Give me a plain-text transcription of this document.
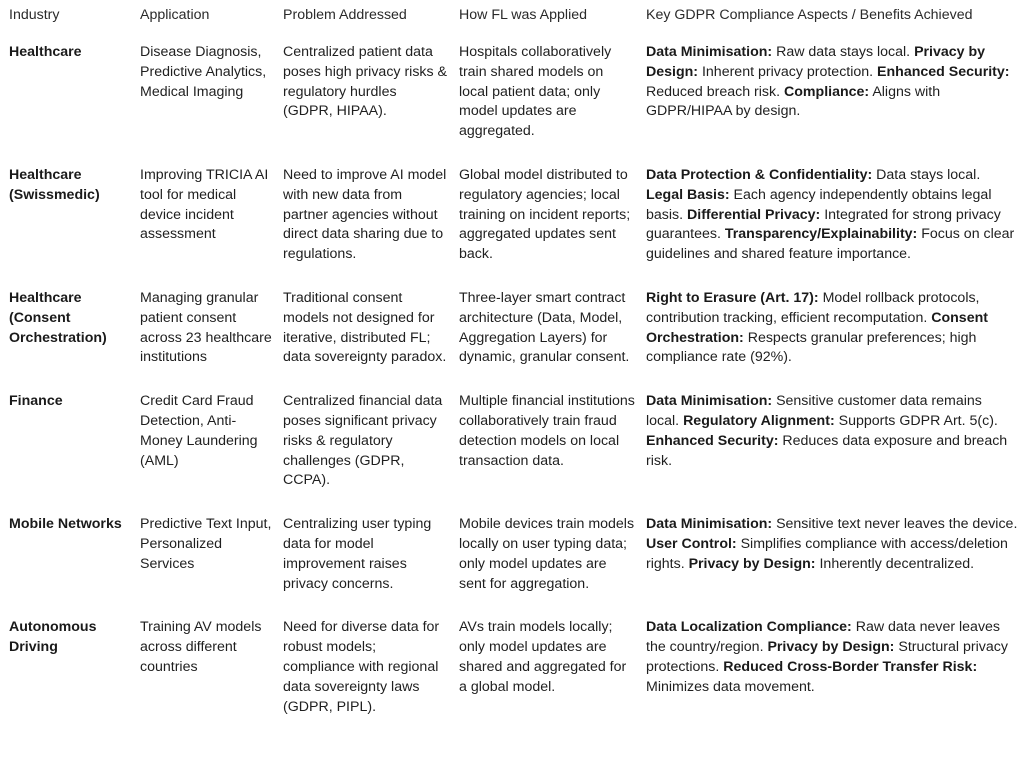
Industry	Application	Problem Addressed	How FL was Applied	Key GDPR Compliance Aspects / Benefits Achieved
Healthcare	Disease Diagnosis, Predictive Analytics, Medical Imaging	Centralized patient data poses high privacy risks & regulatory hurdles (GDPR, HIPAA).	Hospitals collaboratively train shared models on local patient data; only model updates are aggregated.	Data Minimisation: Raw data stays local. Privacy by Design: Inherent privacy protection. Enhanced Security: Reduced breach risk. Compliance: Aligns with GDPR/HIPAA by design.
Healthcare (Swissmedic)	Improving TRICIA AI tool for medical device incident assessment	Need to improve AI model with new data from partner agencies without direct data sharing due to regulations.	Global model distributed to regulatory agencies; local training on incident reports; aggregated updates sent back.	Data Protection & Confidentiality: Data stays local. Legal Basis: Each agency independently obtains legal basis. Differential Privacy: Integrated for strong privacy guarantees. Transparency/Explainability: Focus on clear guidelines and shared feature importance.
Healthcare (Consent Orchestration)	Managing granular patient consent across 23 healthcare institutions	Traditional consent models not designed for iterative, distributed FL; data sovereignty paradox.	Three-layer smart contract architecture (Data, Model, Aggregation Layers) for dynamic, granular consent.	Right to Erasure (Art. 17): Model rollback protocols, contribution tracking, efficient recomputation. Consent Orchestration: Respects granular preferences; high compliance rate (92%).
Finance	Credit Card Fraud Detection, Anti-Money Laundering (AML)	Centralized financial data poses significant privacy risks & regulatory challenges (GDPR, CCPA).	Multiple financial institutions collaboratively train fraud detection models on local transaction data.	Data Minimisation: Sensitive customer data remains local. Regulatory Alignment: Supports GDPR Art. 5(c). Enhanced Security: Reduces data exposure and breach risk.
Mobile Networks	Predictive Text Input, Personalized Services	Centralizing user typing data for model improvement raises privacy concerns.	Mobile devices train models locally on user typing data; only model updates are sent for aggregation.	Data Minimisation: Sensitive text never leaves the device. User Control: Simplifies compliance with access/deletion rights. Privacy by Design: Inherently decentralized.
Autonomous Driving	Training AV models across different countries	Need for diverse data for robust models; compliance with regional data sovereignty laws (GDPR, PIPL).	AVs train models locally; only model updates are shared and aggregated for a global model.	Data Localization Compliance: Raw data never leaves the country/region. Privacy by Design: Structural privacy protections. Reduced Cross-Border Transfer Risk: Minimizes data movement.
